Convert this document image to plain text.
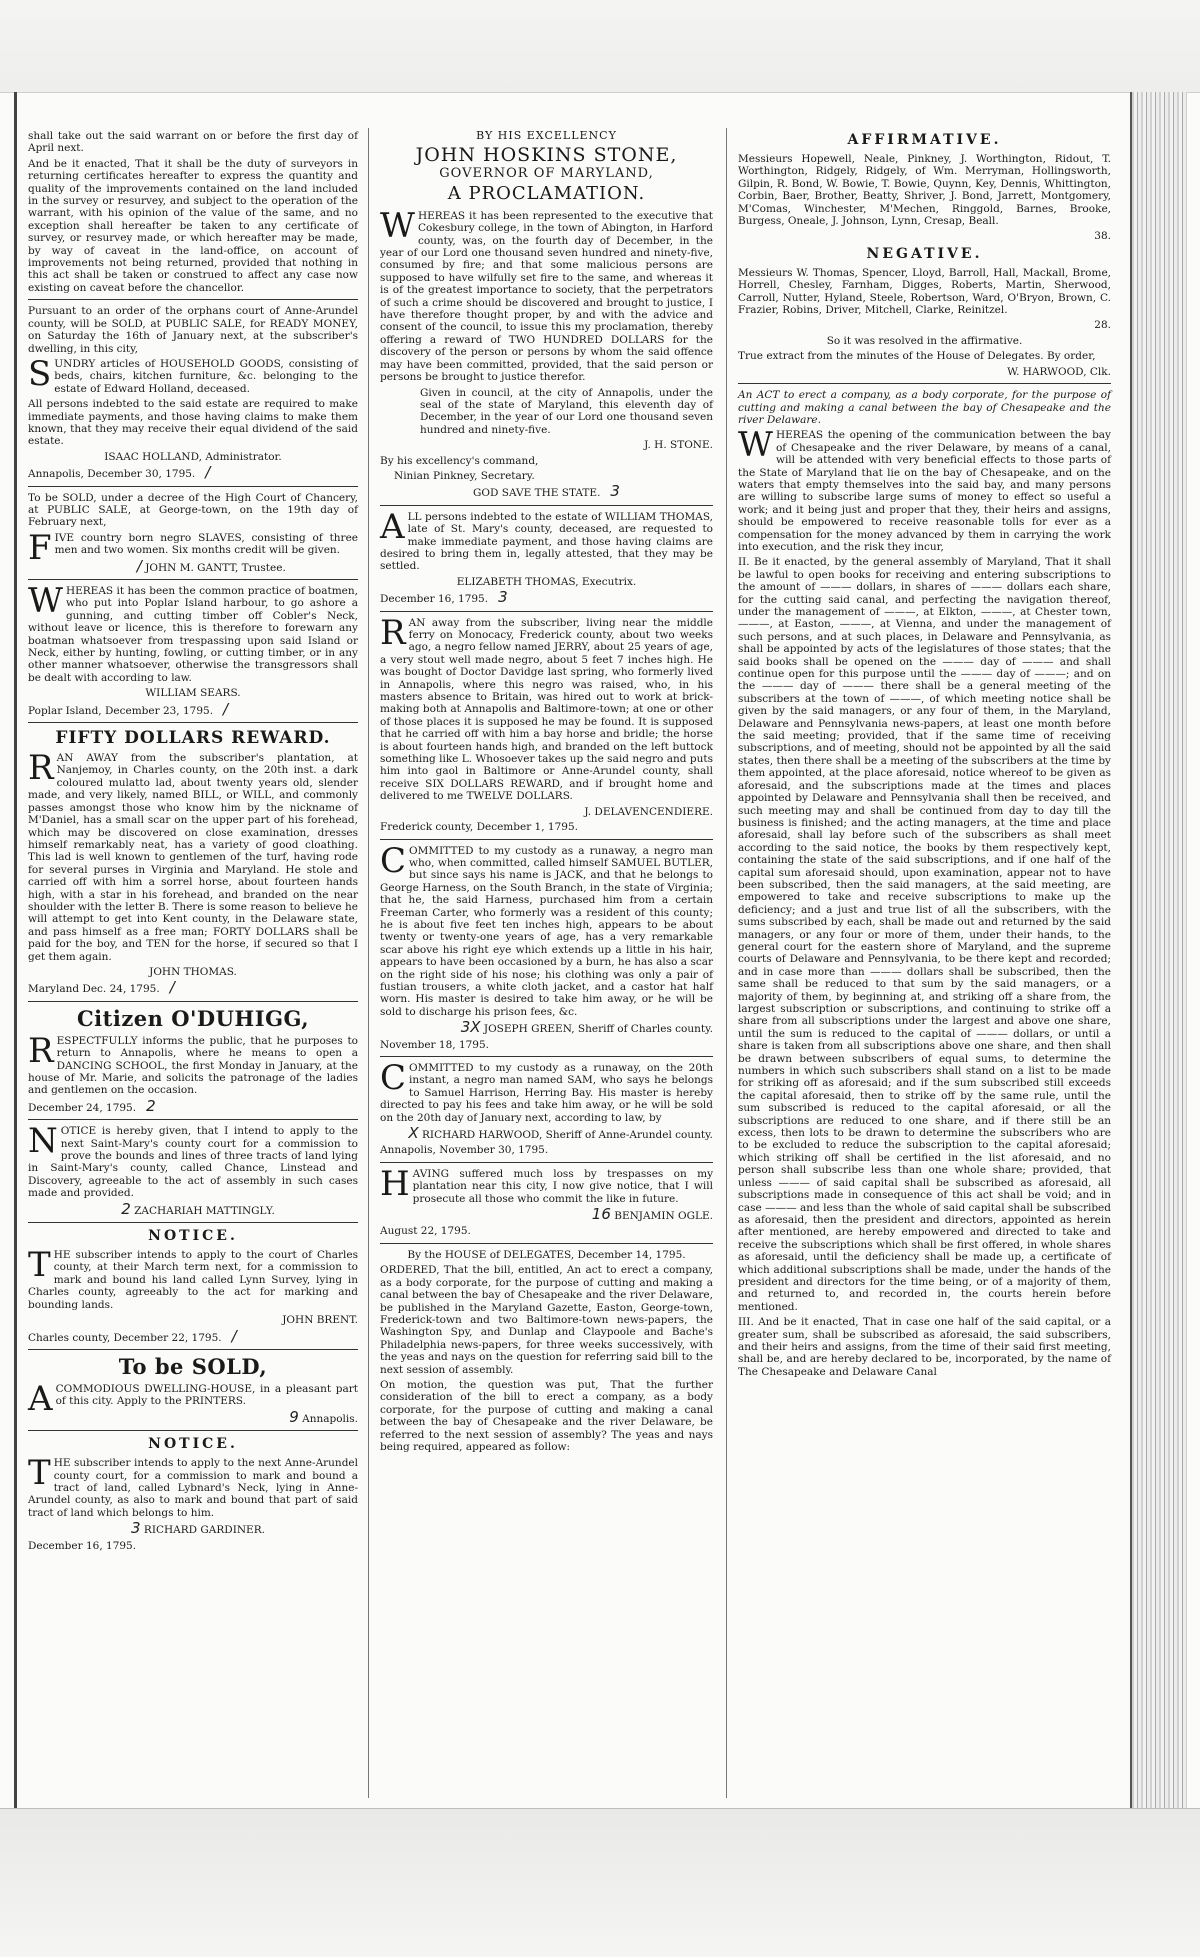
shall take out the said warrant on or before the first day of April next.

And be it enacted, That it shall be the duty of surveyors in returning certificates hereafter to express the quantity and quality of the improvements contained on the land included in the survey or resurvey, and subject to the operation of the warrant, with his opinion of the value of the same, and no exception shall hereafter be taken to any certificate of survey, or resurvey made, or which hereafter may be made, by way of caveat in the land-office, on account of improvements not being returned, provided that nothing in this act shall be taken or construed to affect any case now existing on caveat before the chancellor.

Pursuant to an order of the orphans court of Anne-Arundel county, will be SOLD, at PUBLIC SALE, for READY MONEY, on Saturday the 16th of January next, at the subscriber's dwelling, in this city,

SUNDRY articles of HOUSEHOLD GOODS, consisting of beds, chairs, kitchen furniture, &c. belonging to the estate of Edward Holland, deceased.

All persons indebted to the said estate are required to make immediate payments, and those having claims to make them known, that they may receive their equal dividend of the said estate.

ISAAC HOLLAND, Administrator.

Annapolis, December 30, 1795. /

To be SOLD, under a decree of the High Court of Chancery, at PUBLIC SALE, at George-town, on the 19th day of February next,

FIVE country born negro SLAVES, consisting of three men and two women. Six months credit will be given.

/ JOHN M. GANTT, Trustee.

WHEREAS it has been the common practice of boatmen, who put into Poplar Island harbour, to go ashore a gunning, and cutting timber off Cobler's Neck, without leave or licence, this is therefore to forewarn any boatman whatsoever from trespassing upon said Island or Neck, either by hunting, fowling, or cutting timber, or in any other manner whatsoever, otherwise the transgressors shall be dealt with according to law.

WILLIAM SEARS.

Poplar Island, December 23, 1795. /

FIFTY DOLLARS REWARD.

RAN AWAY from the subscriber's plantation, at Nanjemoy, in Charles county, on the 20th inst. a dark coloured mulatto lad, about twenty years old, slender made, and very likely, named BILL, or WILL, and commonly passes amongst those who know him by the nickname of M'Daniel, has a small scar on the upper part of his forehead, which may be discovered on close examination, dresses himself remarkably neat, has a variety of good cloathing. This lad is well known to gentlemen of the turf, having rode for several purses in Virginia and Maryland. He stole and carried off with him a sorrel horse, about fourteen hands high, with a star in his forehead, and branded on the near shoulder with the letter B. There is some reason to believe he will attempt to get into Kent county, in the Delaware state, and pass himself as a free man; FORTY DOLLARS shall be paid for the boy, and TEN for the horse, if secured so that I get them again.

JOHN THOMAS.

Maryland Dec. 24, 1795. /

Citizen O'DUHIGG,

RESPECTFULLY informs the public, that he purposes to return to Annapolis, where he means to open a DANCING SCHOOL, the first Monday in January, at the house of Mr. Marie, and solicits the patronage of the ladies and gentlemen on the occasion.

December 24, 1795. 2

NOTICE is hereby given, that I intend to apply to the next Saint-Mary's county court for a commission to prove the bounds and lines of three tracts of land lying in Saint-Mary's county, called Chance, Linstead and Discovery, agreeable to the act of assembly in such cases made and provided.

2 ZACHARIAH MATTINGLY.

NOTICE.

THE subscriber intends to apply to the court of Charles county, at their March term next, for a commission to mark and bound his land called Lynn Survey, lying in Charles county, agreeably to the act for marking and bounding lands.

JOHN BRENT.

Charles county, December 22, 1795. /

To be SOLD,

ACOMMODIOUS DWELLING-HOUSE, in a pleasant part of this city. Apply to the PRINTERS.

9 Annapolis.

NOTICE.

THE subscriber intends to apply to the next Anne-Arundel county court, for a commission to mark and bound a tract of land, called Lybnard's Neck, lying in Anne-Arundel county, as also to mark and bound that part of said tract of land which belongs to him.

3 RICHARD GARDINER.

December 16, 1795.

BY HIS EXCELLENCY

JOHN HOSKINS STONE,

GOVERNOR OF MARYLAND,

A PROCLAMATION.

WHEREAS it has been represented to the executive that Cokesbury college, in the town of Abington, in Harford county, was, on the fourth day of December, in the year of our Lord one thousand seven hundred and ninety-five, consumed by fire; and that some malicious persons are supposed to have wilfully set fire to the same, and whereas it is of the greatest importance to society, that the perpetrators of such a crime should be discovered and brought to justice, I have therefore thought proper, by and with the advice and consent of the council, to issue this my proclamation, thereby offering a reward of TWO HUNDRED DOLLARS for the discovery of the person or persons by whom the said offence may have been committed, provided, that the said person or persons be brought to justice therefor.

Given in council, at the city of Annapolis, under the seal of the state of Maryland, this eleventh day of December, in the year of our Lord one thousand seven hundred and ninety-five.

J. H. STONE.

By his excellency's command,

Ninian Pinkney, Secretary.

GOD SAVE THE STATE. 3

ALL persons indebted to the estate of WILLIAM THOMAS, late of St. Mary's county, deceased, are requested to make immediate payment, and those having claims are desired to bring them in, legally attested, that they may be settled.

ELIZABETH THOMAS, Executrix.

December 16, 1795. 3

RAN away from the subscriber, living near the middle ferry on Monocacy, Frederick county, about two weeks ago, a negro fellow named JERRY, about 25 years of age, a very stout well made negro, about 5 feet 7 inches high. He was bought of Doctor Davidge last spring, who formerly lived in Annapolis, where this negro was raised, who, in his masters absence to Britain, was hired out to work at brick-making both at Annapolis and Baltimore-town; at one or other of those places it is supposed he may be found. It is supposed that he carried off with him a bay horse and bridle; the horse is about fourteen hands high, and branded on the left buttock something like L. Whosoever takes up the said negro and puts him into gaol in Baltimore or Anne-Arundel county, shall receive SIX DOLLARS REWARD, and if brought home and delivered to me TWELVE DOLLARS.

J. DELAVENCENDIERE.

Frederick county, December 1, 1795.

COMMITTED to my custody as a runaway, a negro man who, when committed, called himself SAMUEL BUTLER, but since says his name is JACK, and that he belongs to George Harness, on the South Branch, in the state of Virginia; that he, the said Harness, purchased him from a certain Freeman Carter, who formerly was a resident of this county; he is about five feet ten inches high, appears to be about twenty or twenty-one years of age, has a very remarkable scar above his right eye which extends up a little in his hair, appears to have been occasioned by a burn, he has also a scar on the right side of his nose; his clothing was only a pair of fustian trousers, a white cloth jacket, and a castor hat half worn. His master is desired to take him away, or he will be sold to discharge his prison fees, &c.

3X JOSEPH GREEN, Sheriff of Charles county.

November 18, 1795.

COMMITTED to my custody as a runaway, on the 20th instant, a negro man named SAM, who says he belongs to Samuel Harrison, Herring Bay. His master is hereby directed to pay his fees and take him away, or he will be sold on the 20th day of January next, according to law, by

X RICHARD HARWOOD, Sheriff of Anne-Arundel county.

Annapolis, November 30, 1795.

HAVING suffered much loss by trespasses on my plantation near this city, I now give notice, that I will prosecute all those who commit the like in future.

16 BENJAMIN OGLE.

August 22, 1795.

By the HOUSE of DELEGATES, December 14, 1795.

ORDERED, That the bill, entitled, An act to erect a company, as a body corporate, for the purpose of cutting and making a canal between the bay of Chesapeake and the river Delaware, be published in the Maryland Gazette, Easton, George-town, Frederick-town and two Baltimore-town news-papers, the Washington Spy, and Dunlap and Claypoole and Bache's Philadelphia news-papers, for three weeks successively, with the yeas and nays on the question for referring said bill to the next session of assembly.

On motion, the question was put, That the further consideration of the bill to erect a company, as a body corporate, for the purpose of cutting and making a canal between the bay of Chesapeake and the river Delaware, be referred to the next session of assembly? The yeas and nays being required, appeared as follow:

AFFIRMATIVE.

Messieurs Hopewell, Neale, Pinkney, J. Worthington, Ridout, T. Worthington, Ridgely, Ridgely, of Wm. Merryman, Hollingsworth, Gilpin, R. Bond, W. Bowie, T. Bowie, Quynn, Key, Dennis, Whittington, Corbin, Baer, Brother, Beatty, Shriver, J. Bond, Jarrett, Montgomery, M'Comas, Winchester, M'Mechen, Ringgold, Barnes, Brooke, Burgess, Oneale, J. Johnson, Lynn, Cresap, Beall.

38.

NEGATIVE.

Messieurs W. Thomas, Spencer, Lloyd, Barroll, Hall, Mackall, Brome, Horrell, Chesley, Farnham, Digges, Roberts, Martin, Sherwood, Carroll, Nutter, Hyland, Steele, Robertson, Ward, O'Bryon, Brown, C. Frazier, Robins, Driver, Mitchell, Clarke, Reinitzel.

28.

So it was resolved in the affirmative.

True extract from the minutes of the House of Delegates. By order,

W. HARWOOD, Clk.

An ACT to erect a company, as a body corporate, for the purpose of cutting and making a canal between the bay of Chesapeake and the river Delaware.

WHEREAS the opening of the communication between the bay of Chesapeake and the river Delaware, by means of a canal, will be attended with very beneficial effects to those parts of the State of Maryland that lie on the bay of Chesapeake, and on the waters that empty themselves into the said bay, and many persons are willing to subscribe large sums of money to effect so useful a work; and it being just and proper that they, their heirs and assigns, should be empowered to receive reasonable tolls for ever as a compensation for the money advanced by them in carrying the work into execution, and the risk they incur,

II. Be it enacted, by the general assembly of Maryland, That it shall be lawful to open books for receiving and entering subscriptions to the amount of ——— dollars, in shares of ——— dollars each share, for the cutting said canal, and perfecting the navigation thereof, under the management of ———, at Elkton, ———, at Chester town, ———, at Easton, ———, at Vienna, and under the management of such persons, and at such places, in Delaware and Pennsylvania, as shall be appointed by acts of the legislatures of those states; that the said books shall be opened on the ——— day of ——— and shall continue open for this purpose until the ——— day of ———; and on the ——— day of ——— there shall be a general meeting of the subscribers at the town of ———, of which meeting notice shall be given by the said managers, or any four of them, in the Maryland, Delaware and Pennsylvania news-papers, at least one month before the said meeting; provided, that if the same time of receiving subscriptions, and of meeting, should not be appointed by all the said states, then there shall be a meeting of the subscribers at the time by them appointed, at the place aforesaid, notice whereof to be given as aforesaid, and the subscriptions made at the times and places appointed by Delaware and Pennsylvania shall then be received, and such meeting may and shall be continued from day to day till the business is finished; and the acting managers, at the time and place aforesaid, shall lay before such of the subscribers as shall meet according to the said notice, the books by them respectively kept, containing the state of the said subscriptions, and if one half of the capital sum aforesaid should, upon examination, appear not to have been subscribed, then the said managers, at the said meeting, are empowered to take and receive subscriptions to make up the deficiency; and a just and true list of all the subscribers, with the sums subscribed by each, shall be made out and returned by the said managers, or any four or more of them, under their hands, to the general court for the eastern shore of Maryland, and the supreme courts of Delaware and Pennsylvania, to be there kept and recorded; and in case more than ——— dollars shall be subscribed, then the same shall be reduced to that sum by the said managers, or a majority of them, by beginning at, and striking off a share from, the largest subscription or subscriptions, and continuing to strike off a share from all subscriptions under the largest and above one share, until the sum is reduced to the capital of ——— dollars, or until a share is taken from all subscriptions above one share, and then shall be drawn between subscribers of equal sums, to determine the numbers in which such subscribers shall stand on a list to be made for striking off as aforesaid; and if the sum subscribed still exceeds the capital aforesaid, then to strike off by the same rule, until the sum subscribed is reduced to the capital aforesaid, or all the subscriptions are reduced to one share, and if there still be an excess, then lots to be drawn to determine the subscribers who are to be excluded to reduce the subscription to the capital aforesaid; which striking off shall be certified in the list aforesaid, and no person shall subscribe less than one whole share; provided, that unless ——— of said capital shall be subscribed as aforesaid, all subscriptions made in consequence of this act shall be void; and in case ——— and less than the whole of said capital shall be subscribed as aforesaid, then the president and directors, appointed as herein after mentioned, are hereby empowered and directed to take and receive the subscriptions which shall be first offered, in whole shares as aforesaid, until the deficiency shall be made up, a certificate of which additional subscriptions shall be made, under the hands of the president and directors for the time being, or of a majority of them, and returned to, and recorded in, the courts herein before mentioned.

III. And be it enacted, That in case one half of the said capital, or a greater sum, shall be subscribed as aforesaid, the said subscribers, and their heirs and assigns, from the time of their said first meeting, shall be, and are hereby declared to be, incorporated, by the name of The Chesapeake and Delaware Canal
